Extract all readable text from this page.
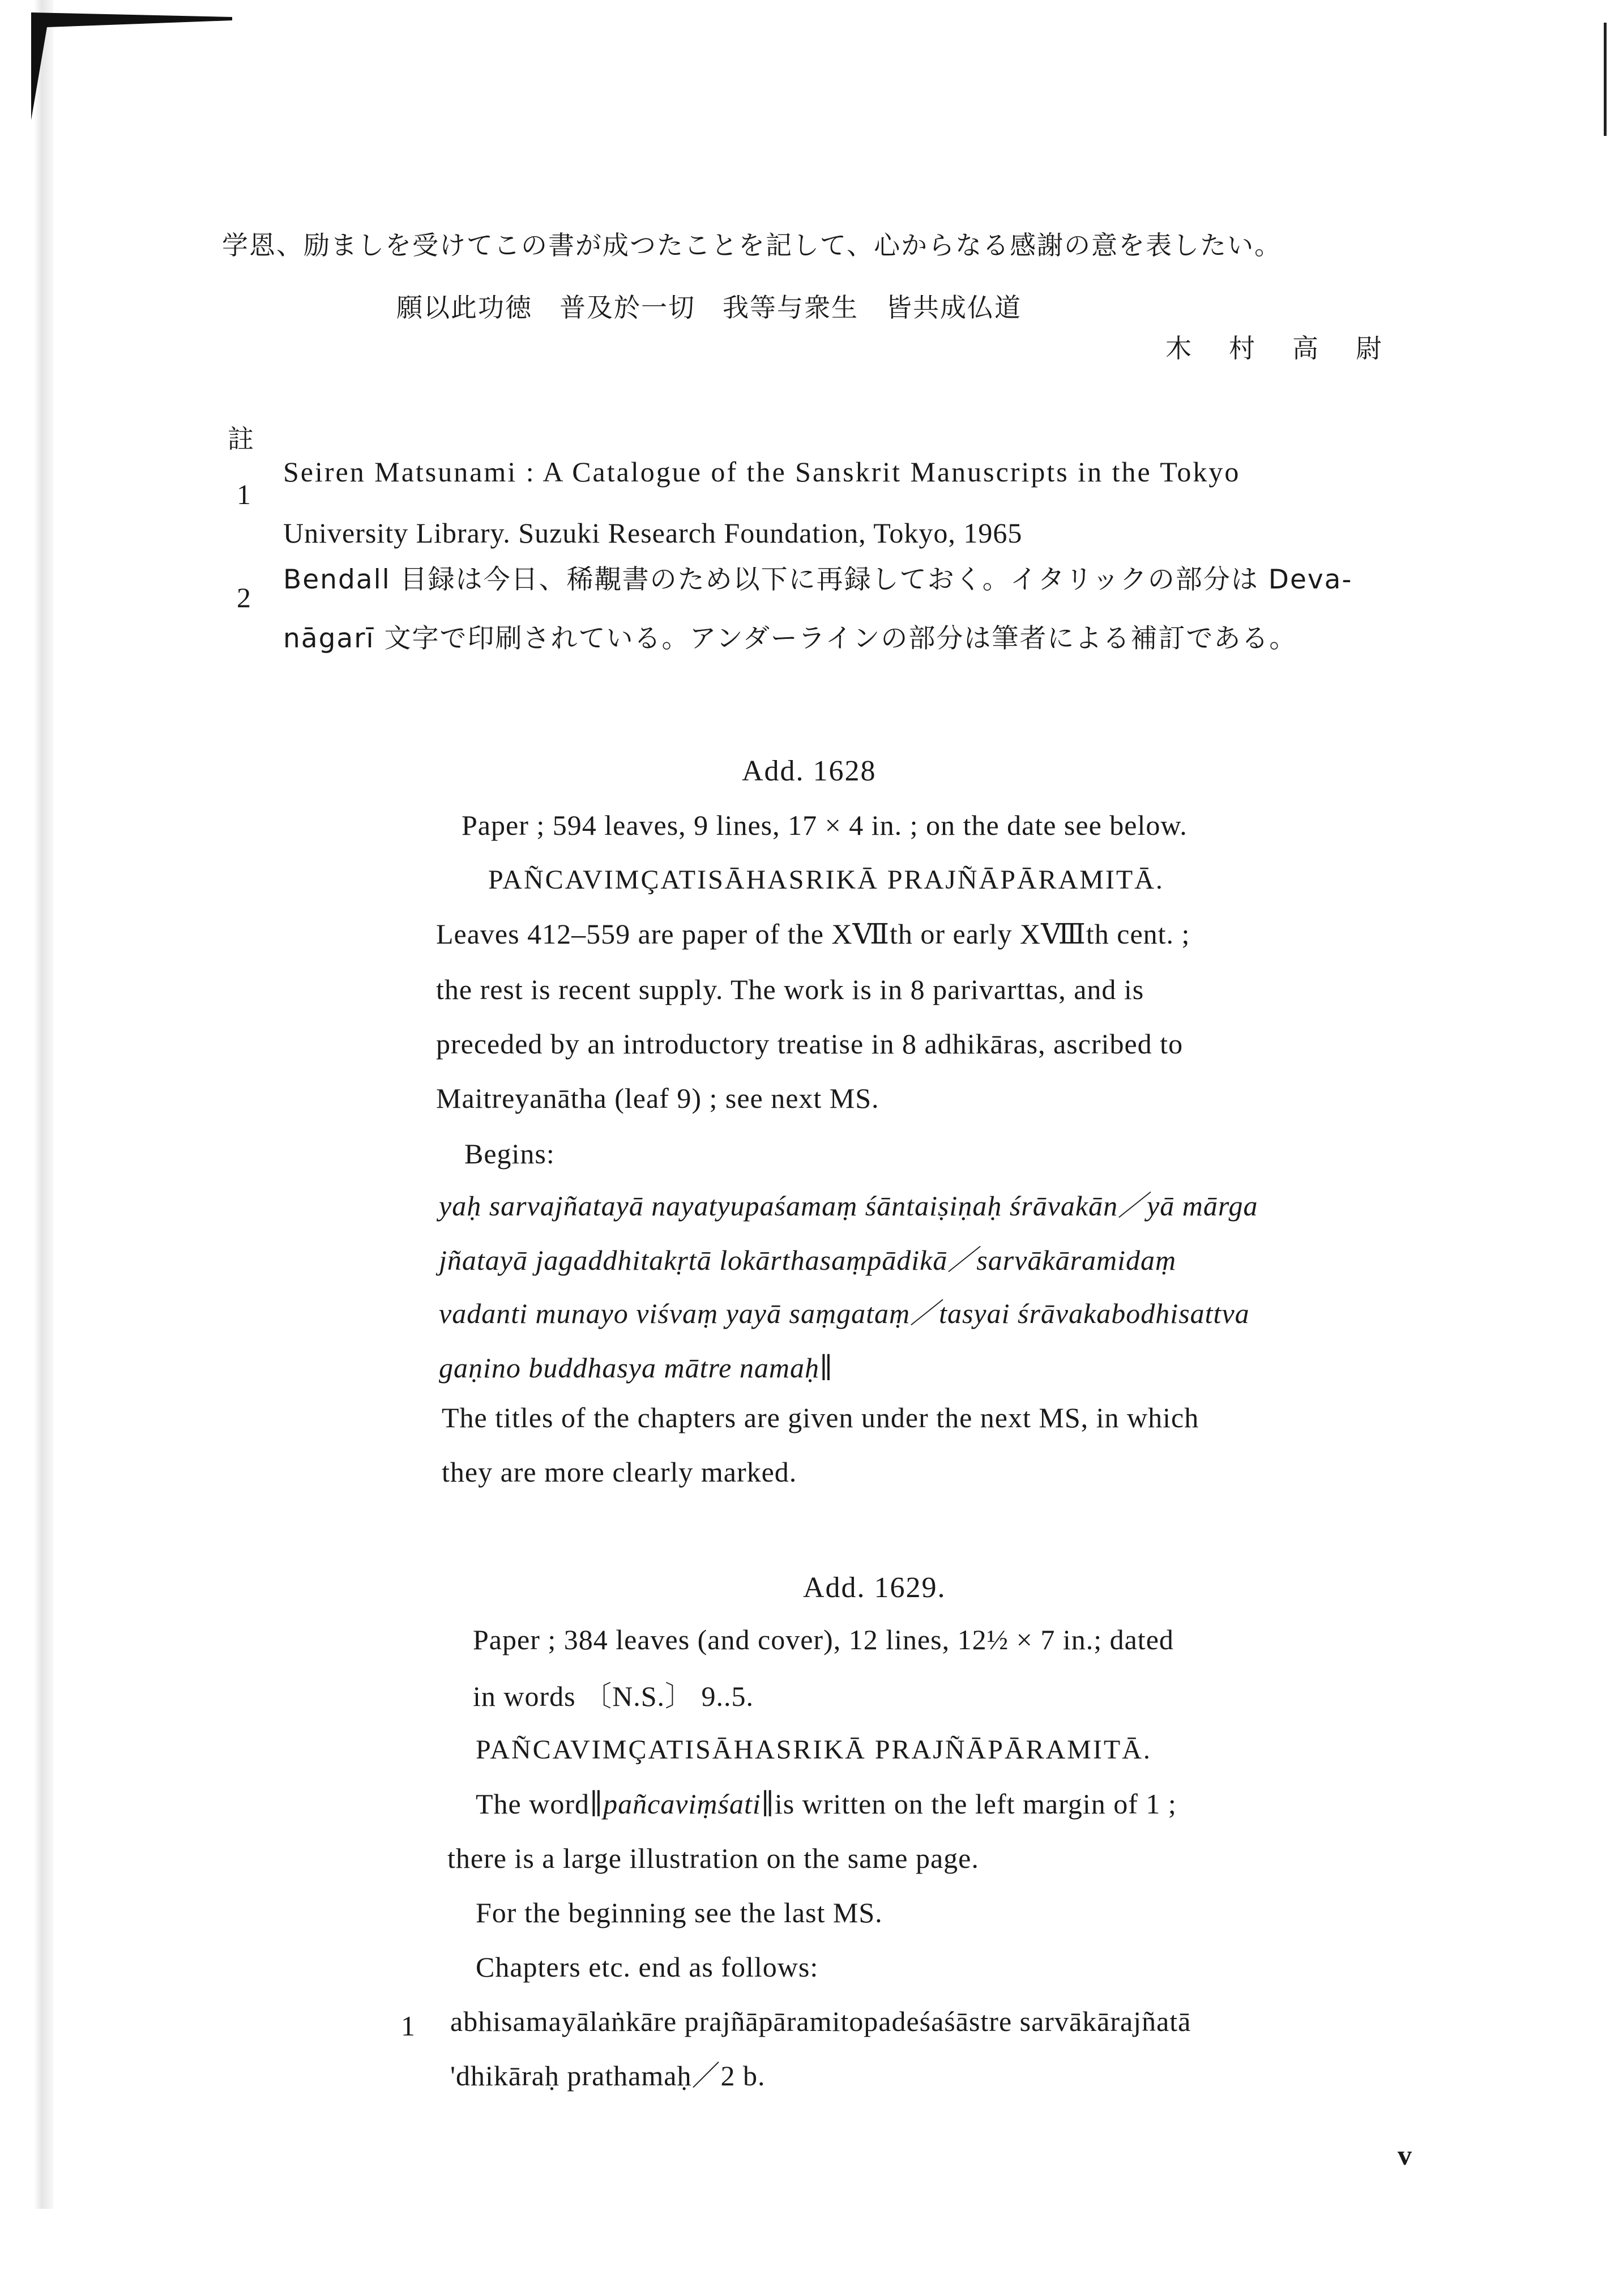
学恩、励ましを受けてこの書が成つたことを記して、心からなる感謝の意を表したい。
願以此功徳　普及於一切　我等与衆生　皆共成仏道
木　村　高　尉
註
1
Seiren Matsunami : A Catalogue of the Sanskrit Manuscripts in the Tokyo
University Library. Suzuki Research Foundation, Tokyo, 1965
2
Bendall 目録は今日、稀覯書のため以下に再録しておく。イタリックの部分は Deva-
nāgarī 文字で印刷されている。アンダーラインの部分は筆者による補訂である。
Add. 1628
Paper ; 594 leaves, 9 lines, 17 × 4 in. ; on the date see below.
PAÑCAVIMÇATISĀHASRIKĀ PRAJÑĀPĀRAMITĀ.
Leaves 412–559 are paper of the XⅦth or early XⅧth cent. ;
the rest is recent supply. The work is in 8 parivarttas, and is
preceded by an introductory treatise in 8 adhikāras, ascribed to
Maitreyanātha (leaf 9) ; see next MS.
Begins:
yaḥ sarvajñatayā nayatyupaśamaṃ śāntaiṣiṇaḥ śrāvakān／yā mārga
jñatayā jagaddhitakṛtā lokārthasaṃpādikā／sarvākāramidaṃ
vadanti munayo viśvaṃ yayā saṃgataṃ／tasyai śrāvakabodhisattva
gaṇino buddhasya mātre namaḥ∥
The titles of the chapters are given under the next MS, in which
they are more clearly marked.
Add. 1629.
Paper ; 384 leaves (and cover), 12 lines, 12½ × 7 in.; dated
in words 〔N.S.〕 9..5.
PAÑCAVIMÇATISĀHASRIKĀ PRAJÑĀPĀRAMITĀ.
The word∥pañcaviṃśati∥is written on the left margin of 1 ;
there is a large illustration on the same page.
For the beginning see the last MS.
Chapters etc. end as follows:
1 abhisamayālaṅkāre prajñāpāramitopadeśaśāstre sarvākārajñatā
'dhikāraḥ prathamaḥ／2 b.
v
